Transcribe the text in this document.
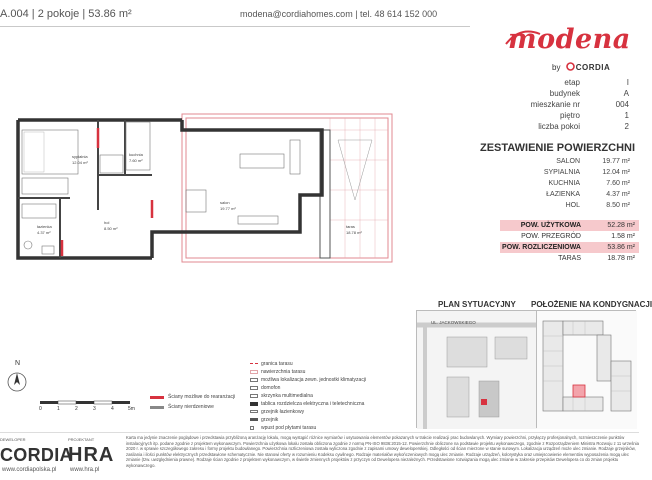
A.004 | 2 pokoje | 53.86 m²	modena@cordiahomes.com | tel. 48 614 152 000
modena
by CORDIA
etap	I
budynek	A
mieszkanie nr	004
piętro	1
liczba pokoi	2
ZESTAWIENIE POWIERZCHNI
SALON	19.77 m²
SYPIALNIA	12.04 m²
KUCHNIA	7.60 m²
ŁAZIENKA	4.37 m²
HOL	8.50 m²
POW. UŻYTKOWA	52.28 m²
POW. PRZEGRÓD	1.58 m²
POW. ROZLICZENIOWA	53.86 m²
TARAS	18.78 m²
sypialnia
12.04 m²
kuchnia
7.60 m²
salon
19.77 m²
łazienka
4.37 m²
hol
8.50 m²	taras
18.78 m²
PLAN SYTUACYJNY POŁOŻENIE NA KONDYGNACJI
UL. JACKOWSKIEGO
N
0	1	2	3	4	5m
Ściany możliwe do rearanżacji
Ściany nierdzeniowe
granica tarasu
nawierzchnia tarasu
możliwa lokalizacja zewn. jednostki klimatyzacji
domofon
skrzynka multimedialna
tablica rozdzielcza elektryczna i teletechniczna
grzejnik łazienkowy
grzejnik
wpust pod płytami tarasu
DEWELOPER
CORDIA
www.cordiapolska.pl
PROJEKTANT
HRA
www.hra.pl
Karta ma jedynie znaczenie poglądowe i przedstawia przybliżoną aranżację lokalu, mogą wystąpić różnice wymiarów i usytuowania elementów pokazanych w trakcie realizacji prac budowlanych. Wymiary powierzchni, przyłączy profesjonalnych, rozmieszczenie punktów instalacyjnych itp. podane zgodnie z projektem wykonawczym. Powierzchnia użytkowa lokalu została obliczona zgodnie z normą PN-ISO 9836:2015-12. Powierzchnie obliczone na podstawie projektu wykonawczego, zgodnie z Rozporządzeniem Ministra Rozwoju z 11 września 2020 r. w sprawie szczegółowego zakresu i formy projektu budowlanego. Powierzchnia rozliczeniowa została wyliczona zgodnie z zapisami umowy deweloperskiej. Odległości od ścian mierzone w stanie surowym. Lokalizacja urządzeń może ulec zmianie. Rodzaje grzejników, zasilania i ilości punktów elektrycznych przedstawione schematycznie. Nie stanowi oferty w rozumieniu Kodeksu cywilnego. Rodzaje materiałów wykończeniowych mogą ulec zmianie. Rodzaje urządzeń, kolorystyka oraz umiejscowienie elementów wyposażenia mogą ulec zmianie (tzw. uwzględnienia prawne). Rodzaje ścian zgodnie z projektem wykonawczym, w świetle zmiennych projektów z przyczyn od Dewelopera niezależnych. Przedstawione rozwiązania mogą ulec zmianie w zakresie przepisów Dewelopera co do zmian projektu wykonawczego.
